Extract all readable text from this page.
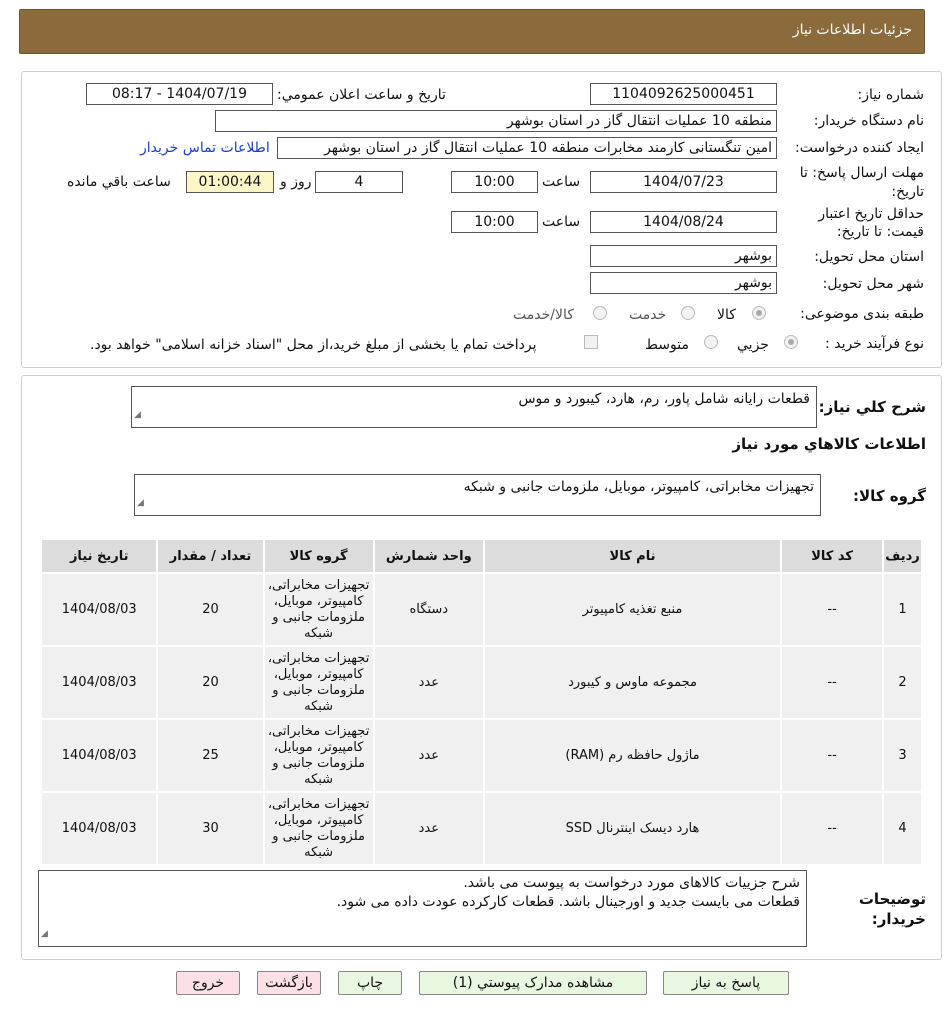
جزئیات اطلاعات نیاز
شماره نیاز:
1104092625000451
تاریخ و ساعت اعلان عمومي:
1404/07/19 - 08:17
نام دستگاه خریدار:
منطقه 10 عملیات انتقال گاز در استان بوشهر
ایجاد کننده درخواست:
امین تنگستانی کارمند مخابرات منطقه 10 عملیات انتقال گاز در استان بوشهر
اطلاعات تماس خریدار
مهلت ارسال پاسخ: تا
تاریخ:
1404/07/23
ساعت
10:00
4
روز و
01:00:44
ساعت باقي مانده
حداقل تاریخ اعتبار
قیمت: تا تاریخ:
1404/08/24
ساعت
10:00
استان محل تحویل:
بوشهر
شهر محل تحویل:
بوشهر
طبقه بندی موضوعی:
کالا
خدمت
کالا/خدمت
نوع فرآیند خرید :
جزیي
متوسط
پرداخت تمام یا بخشی از مبلغ خرید،از محل "اسناد خزانه اسلامی" خواهد بود.
شرح کلي نیاز:
قطعات رایانه شامل پاور، رم، هارد، کیبورد و موس
◢
اطلاعات کالاهاي مورد نیاز
گروه کالا:
تجهیزات مخابراتی، کامپیوتر، موبایل، ملزومات جانبی و شبکه
◢
ردیف	کد کالا	نام کالا	واحد شمارش	گروه کالا	تعداد / مقدار	تاریخ نیاز
1	--	منبع تغذیه کامپیوتر	دستگاه	تجهیزات مخابراتی، کامپیوتر، موبایل، ملزومات جانبی و شبکه	20	1404/08/03
2	--	مجموعه ماوس و کیبورد	عدد	تجهیزات مخابراتی، کامپیوتر، موبایل، ملزومات جانبی و شبکه	20	1404/08/03
3	--	ماژول حافظه رم (RAM)	عدد	تجهیزات مخابراتی، کامپیوتر، موبایل، ملزومات جانبی و شبکه	25	1404/08/03
4	--	هارد دیسک اینترنال SSD	عدد	تجهیزات مخابراتی، کامپیوتر، موبایل، ملزومات جانبی و شبکه	30	1404/08/03
توضیحات
خریدار:
شرح جزییات کالاهای مورد درخواست به پیوست می باشد.
قطعات می بایست جدید و اورجینال باشد. قطعات کارکرده عودت داده می شود.
◢
پاسخ به نیاز
مشاهده مدارک پیوستي (1)
چاپ
بازگشت
خروج
